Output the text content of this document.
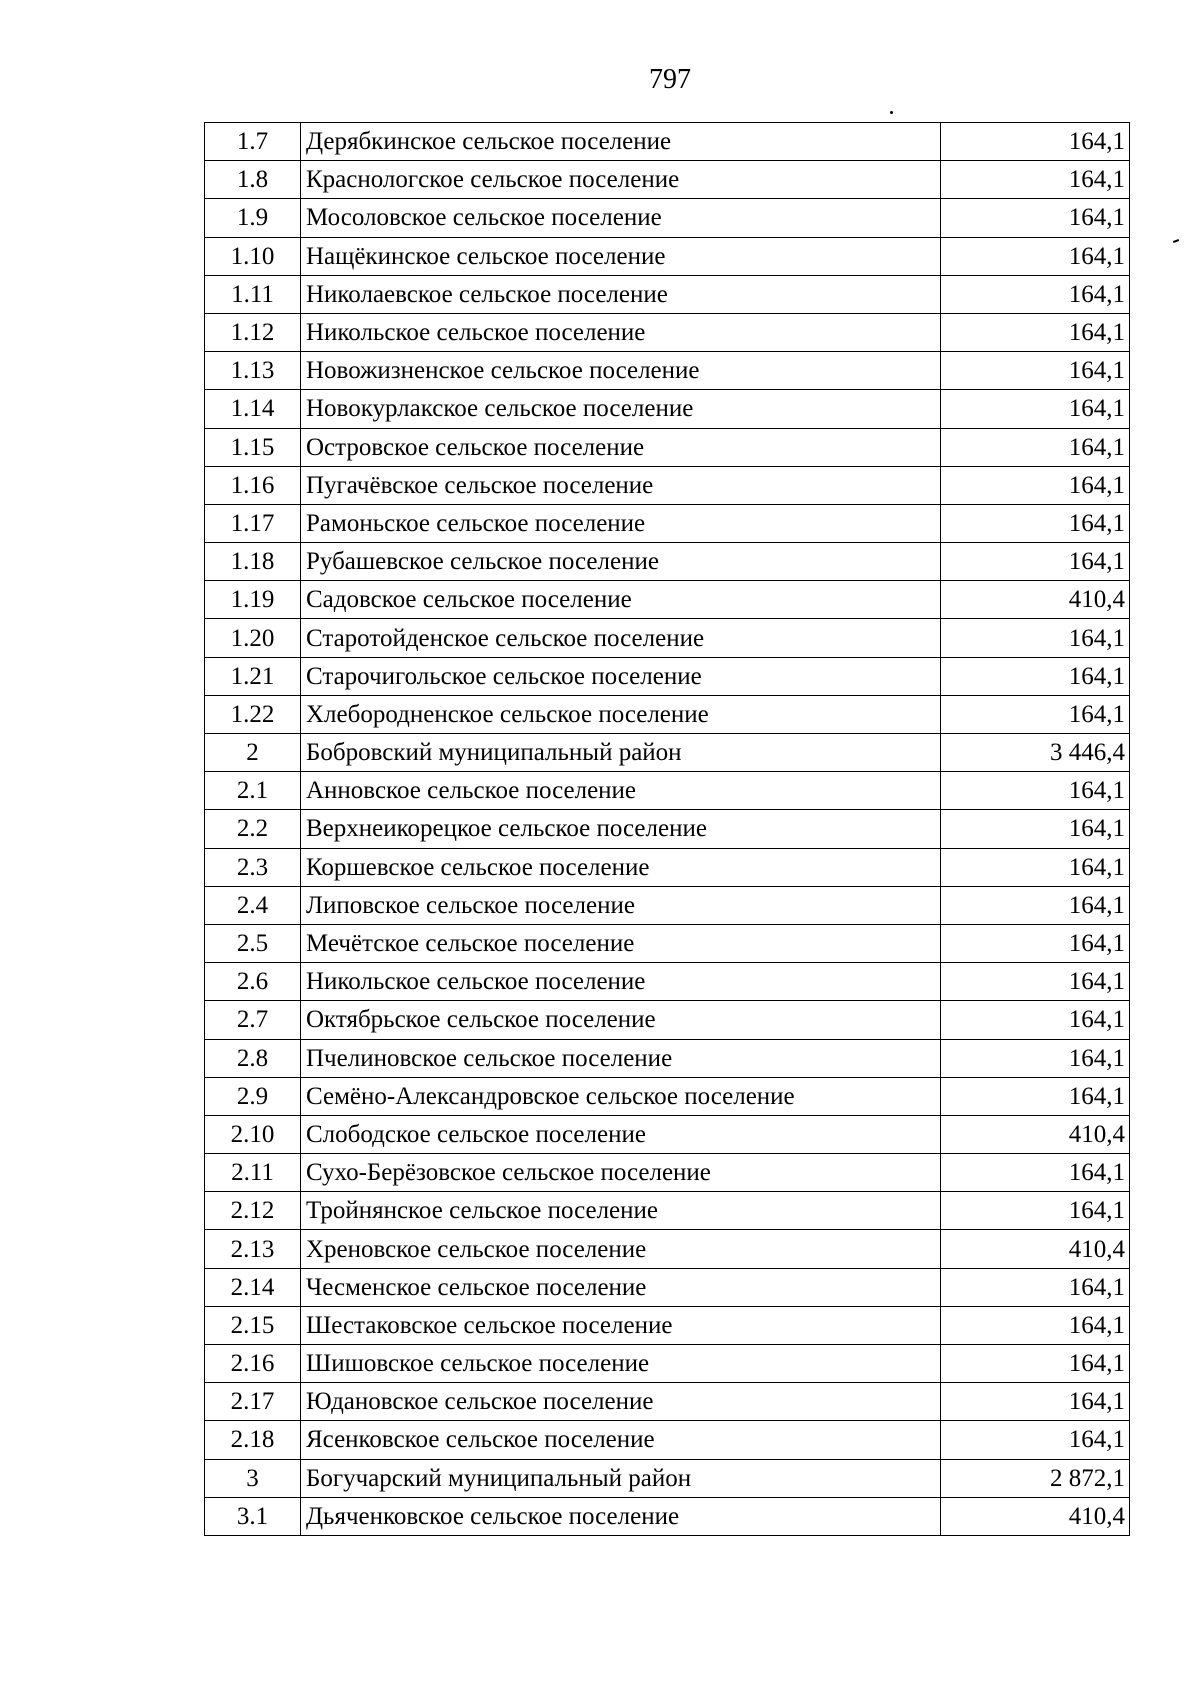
797
1.7	Дерябкинское сельское поселение	164,1
1.8	Краснологское сельское поселение	164,1
1.9	Мосоловское сельское поселение	164,1
1.10	Нащёкинское сельское поселение	164,1
1.11	Николаевское сельское поселение	164,1
1.12	Никольское сельское поселение	164,1
1.13	Новожизненское сельское поселение	164,1
1.14	Новокурлакское сельское поселение	164,1
1.15	Островское сельское поселение	164,1
1.16	Пугачёвское сельское поселение	164,1
1.17	Рамоньское сельское поселение	164,1
1.18	Рубашевское сельское поселение	164,1
1.19	Садовское сельское поселение	410,4
1.20	Старотойденское сельское поселение	164,1
1.21	Старочигольское сельское поселение	164,1
1.22	Хлебородненское сельское поселение	164,1
2	Бобровский муниципальный район	3 446,4
2.1	Анновское сельское поселение	164,1
2.2	Верхнеикорецкое сельское поселение	164,1
2.3	Коршевское сельское поселение	164,1
2.4	Липовское сельское поселение	164,1
2.5	Мечётское сельское поселение	164,1
2.6	Никольское сельское поселение	164,1
2.7	Октябрьское сельское поселение	164,1
2.8	Пчелиновское сельское поселение	164,1
2.9	Семёно-Александровское сельское поселение	164,1
2.10	Слободское сельское поселение	410,4
2.11	Сухо-Берёзовское сельское поселение	164,1
2.12	Тройнянское сельское поселение	164,1
2.13	Хреновское сельское поселение	410,4
2.14	Чесменское сельское поселение	164,1
2.15	Шестаковское сельское поселение	164,1
2.16	Шишовское сельское поселение	164,1
2.17	Юдановское сельское поселение	164,1
2.18	Ясенковское сельское поселение	164,1
3	Богучарский муниципальный район	2 872,1
3.1	Дьяченковское сельское поселение	410,4
